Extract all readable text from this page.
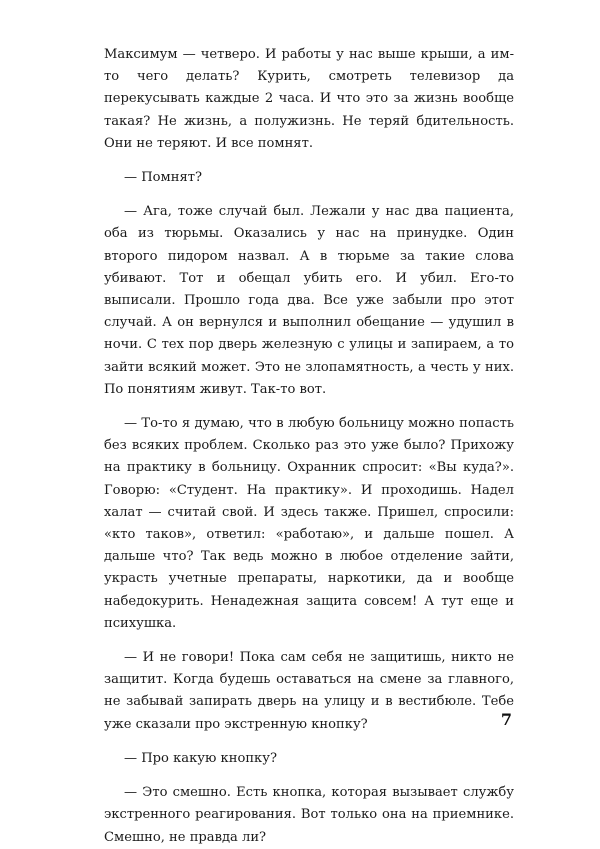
Максимум — четверо. И работы у нас выше крыши, а им-то чего делать? Курить, смотреть телевизор да перекусывать каждые 2 часа. И что это за жизнь вообще такая? Не жизнь, а полужизнь. Не теряй бдительность. Они не теряют. И все помнят.

— Помнят?

— Ага, тоже случай был. Лежали у нас два пациента, оба из тюрьмы. Оказались у нас на принудке. Один второго пидором назвал. А в тюрьме за такие слова убивают. Тот и обещал убить его. И убил. Его-то выписали. Прошло года два. Все уже забыли про этот случай. А он вернулся и выполнил обещание — удушил в ночи. С тех пор дверь железную с улицы и запираем, а то зайти всякий может. Это не злопамятность, а честь у них. По понятиям живут. Так-то вот.

— То-то я думаю, что в любую больницу можно попасть без всяких проблем. Сколько раз это уже было? Прихожу на практику в больницу. Охранник спросит: «Вы куда?». Говорю: «Студент. На практику». И проходишь. Надел халат — считай свой. И здесь также. Пришел, спросили: «кто таков», ответил: «работаю», и дальше пошел. А дальше что? Так ведь можно в любое отделение зайти, украсть учетные препараты, наркотики, да и вообще набедокурить. Ненадежная защита совсем! А тут еще и психушка.

— И не говори! Пока сам себя не защитишь, никто не защитит. Когда будешь оставаться на смене за главного, не забывай запирать дверь на улицу и в вестибюле. Тебе уже сказали про экстренную кнопку?

— Про какую кнопку?

— Это смешно. Есть кнопка, которая вызывает службу экстренного реагирования. Вот только она на приемнике. Смешно, не правда ли?

7
